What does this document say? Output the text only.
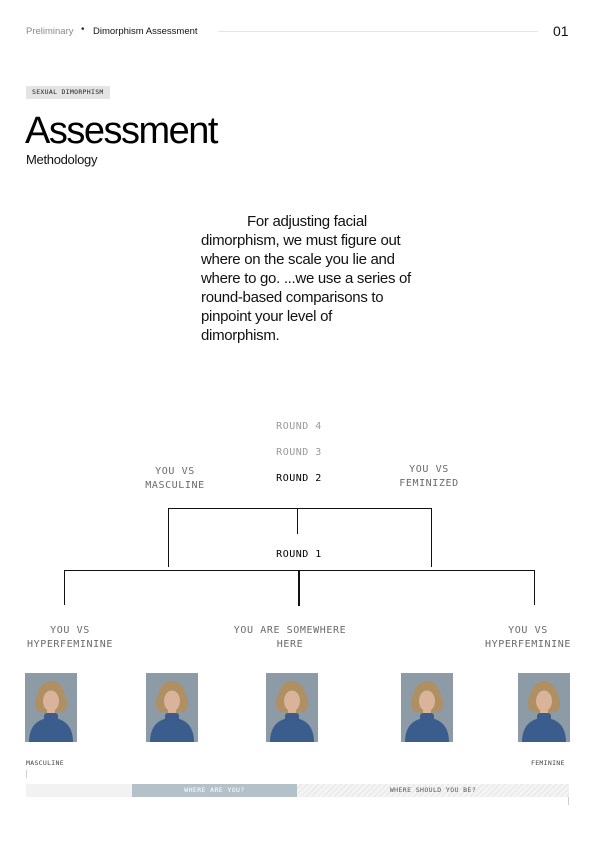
Preliminary • Dimorphism Assessment	01
SEXUAL DIMORPHISM
Assessment
Methodology
For adjusting facial dimorphism, we must figure out where on the scale you lie and where to go. ...we use a series of round-based comparisons to pinpoint your level of dimorphism.
ROUND 4
ROUND 3
ROUND 2
YOU VS
MASCULINE
YOU VS
FEMINIZED
ROUND 1
YOU VS
HYPERFEMININE
YOU ARE SOMEWHERE
HERE
YOU VS
HYPERFEMININE
MASCULINE	FEMININE
WHERE ARE YOU?	WHERE SHOULD YOU BE?
